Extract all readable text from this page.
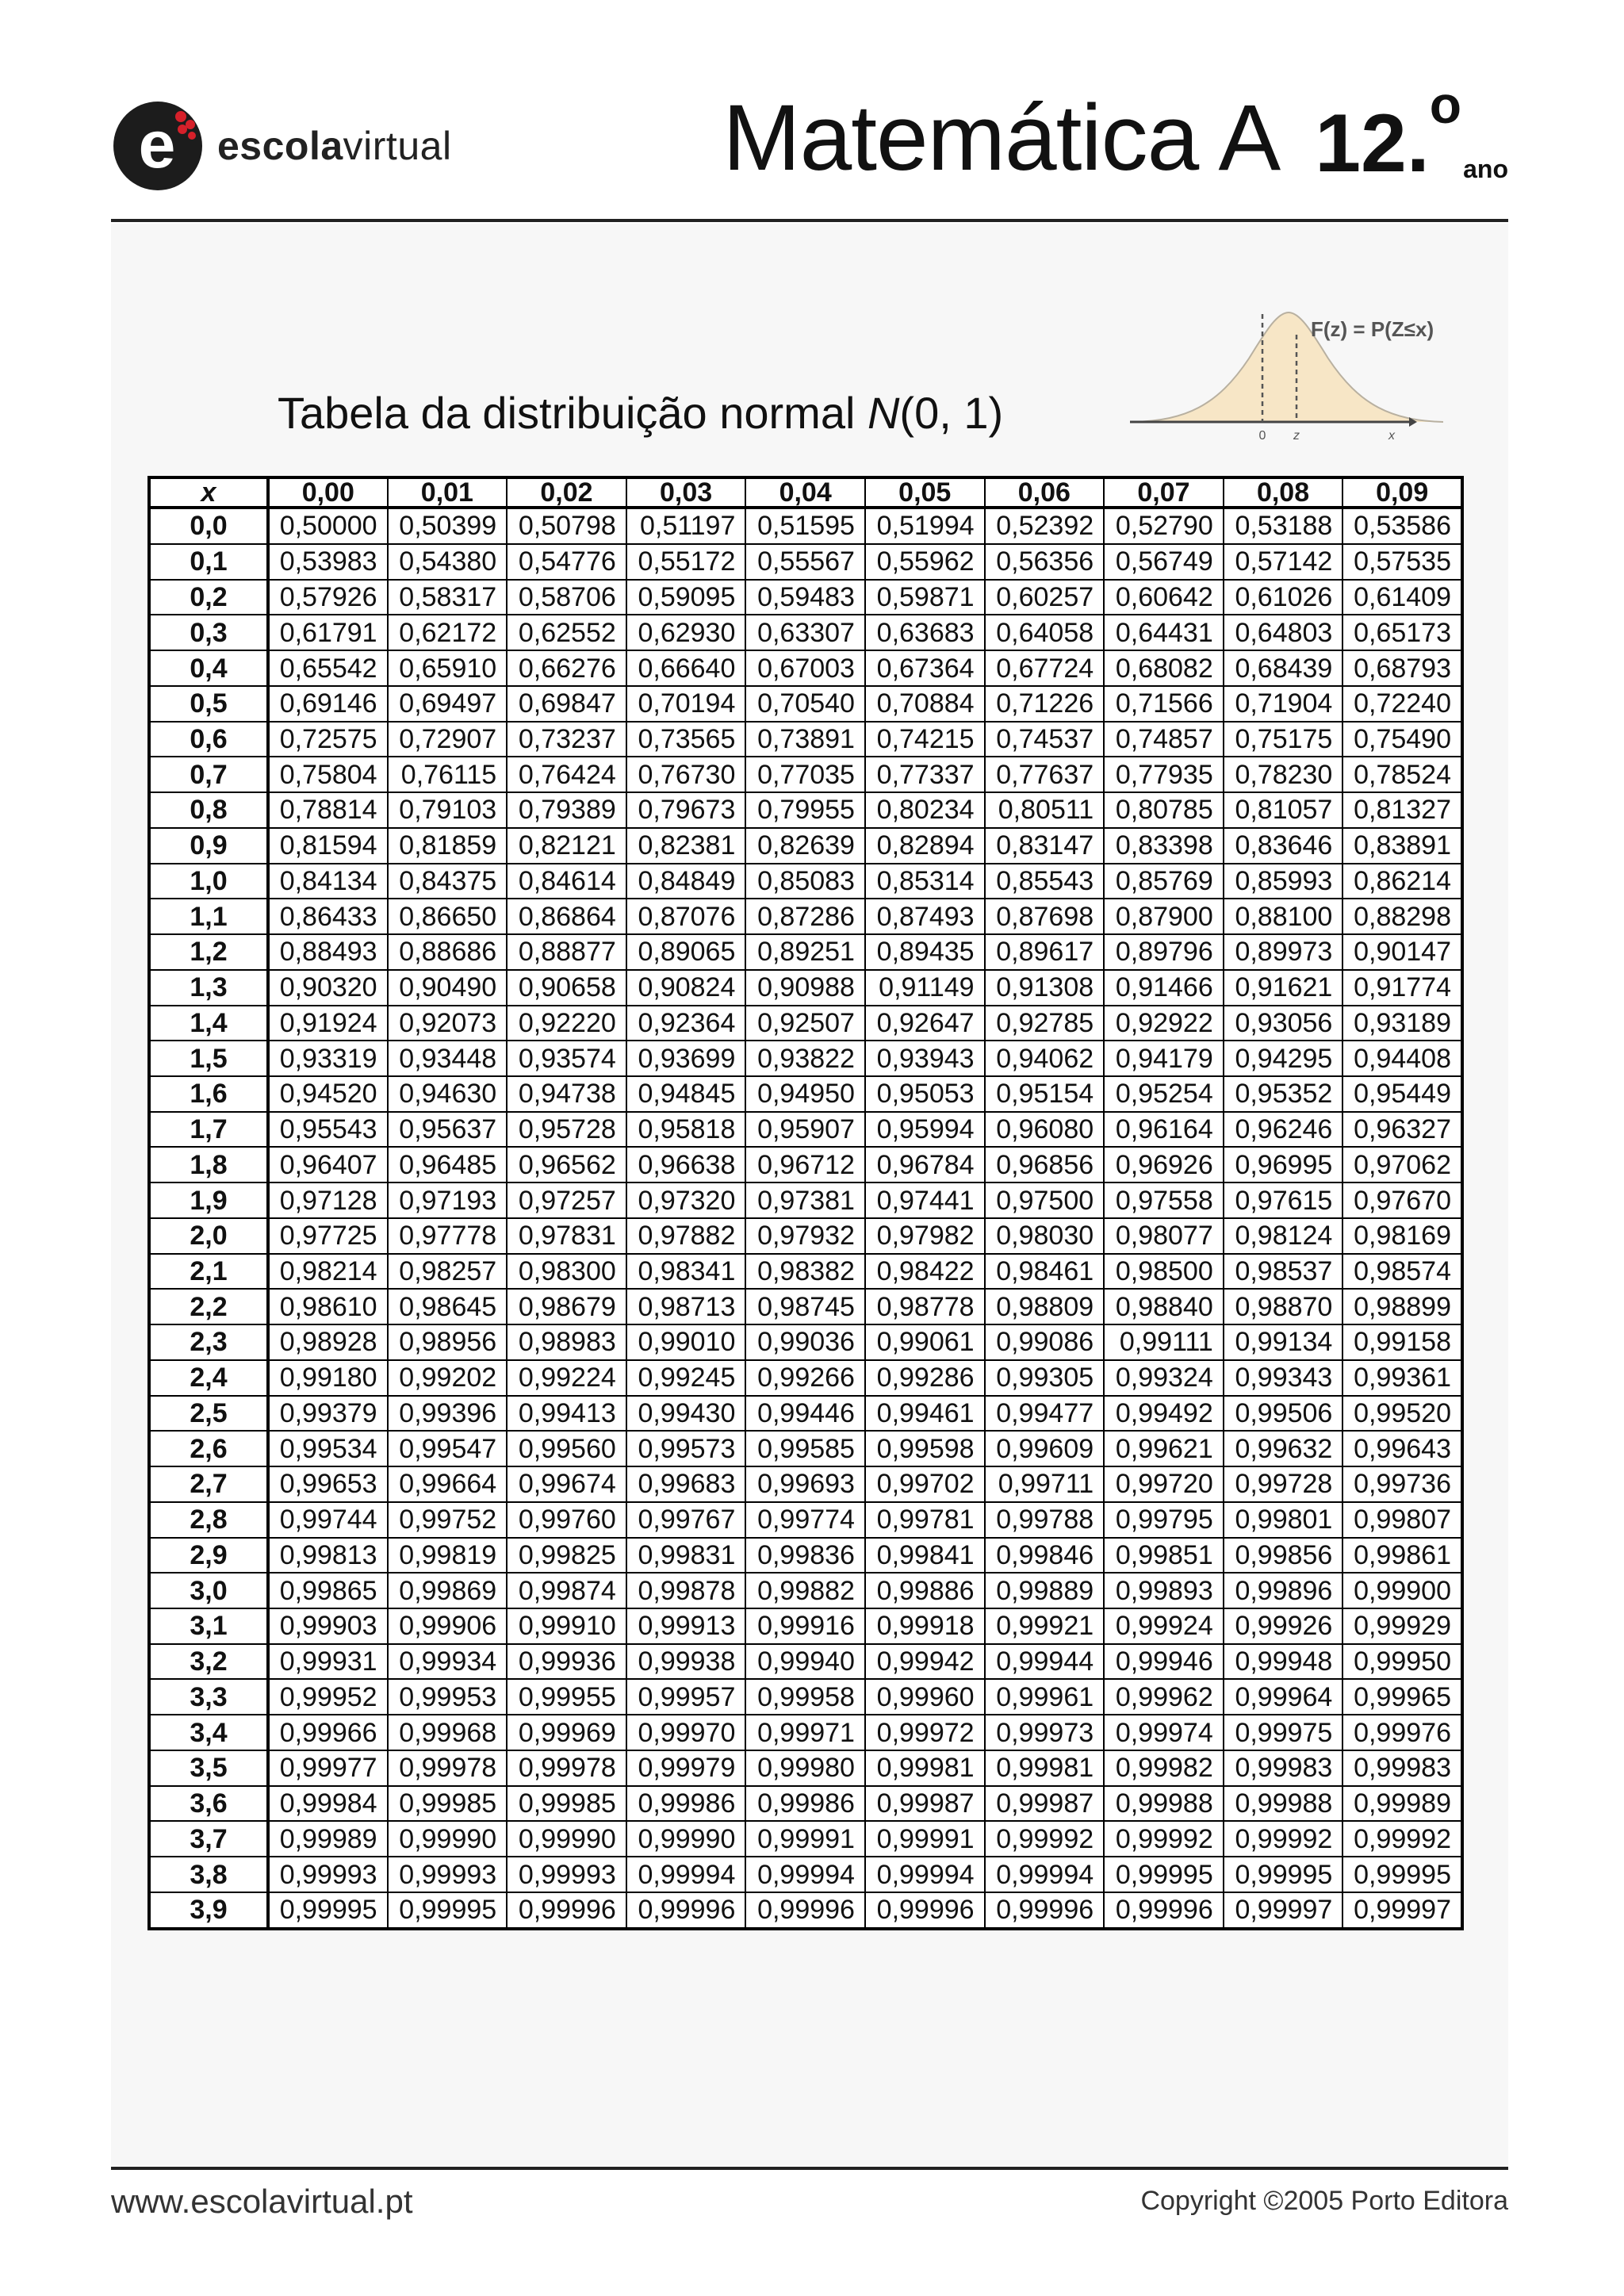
e escolavirtual	Matemática A 12.$^o$
ano
Tabela da distribuição normal N(0, 1)
F(z) = P(Z≤x)
0 z	x
x	0,00	0,01	0,02	0,03	0,04	0,05	0,06	0,07	0,08	0,09
0,0	0,50000	0,50399	0,50798	0,51197	0,51595	0,51994	0,52392	0,52790	0,53188	0,53586
0,1	0,53983	0,54380	0,54776	0,55172	0,55567	0,55962	0,56356	0,56749	0,57142	0,57535
0,2	0,57926	0,58317	0,58706	0,59095	0,59483	0,59871	0,60257	0,60642	0,61026	0,61409
0,3	0,61791	0,62172	0,62552	0,62930	0,63307	0,63683	0,64058	0,64431	0,64803	0,65173
0,4	0,65542	0,65910	0,66276	0,66640	0,67003	0,67364	0,67724	0,68082	0,68439	0,68793
0,5	0,69146	0,69497	0,69847	0,70194	0,70540	0,70884	0,71226	0,71566	0,71904	0,72240
0,6	0,72575	0,72907	0,73237	0,73565	0,73891	0,74215	0,74537	0,74857	0,75175	0,75490
0,7	0,75804	0,76115	0,76424	0,76730	0,77035	0,77337	0,77637	0,77935	0,78230	0,78524
0,8	0,78814	0,79103	0,79389	0,79673	0,79955	0,80234	0,80511	0,80785	0,81057	0,81327
0,9	0,81594	0,81859	0,82121	0,82381	0,82639	0,82894	0,83147	0,83398	0,83646	0,83891
1,0	0,84134	0,84375	0,84614	0,84849	0,85083	0,85314	0,85543	0,85769	0,85993	0,86214
1,1	0,86433	0,86650	0,86864	0,87076	0,87286	0,87493	0,87698	0,87900	0,88100	0,88298
1,2	0,88493	0,88686	0,88877	0,89065	0,89251	0,89435	0,89617	0,89796	0,89973	0,90147
1,3	0,90320	0,90490	0,90658	0,90824	0,90988	0,91149	0,91308	0,91466	0,91621	0,91774
1,4	0,91924	0,92073	0,92220	0,92364	0,92507	0,92647	0,92785	0,92922	0,93056	0,93189
1,5	0,93319	0,93448	0,93574	0,93699	0,93822	0,93943	0,94062	0,94179	0,94295	0,94408
1,6	0,94520	0,94630	0,94738	0,94845	0,94950	0,95053	0,95154	0,95254	0,95352	0,95449
1,7	0,95543	0,95637	0,95728	0,95818	0,95907	0,95994	0,96080	0,96164	0,96246	0,96327
1,8	0,96407	0,96485	0,96562	0,96638	0,96712	0,96784	0,96856	0,96926	0,96995	0,97062
1,9	0,97128	0,97193	0,97257	0,97320	0,97381	0,97441	0,97500	0,97558	0,97615	0,97670
2,0	0,97725	0,97778	0,97831	0,97882	0,97932	0,97982	0,98030	0,98077	0,98124	0,98169
2,1	0,98214	0,98257	0,98300	0,98341	0,98382	0,98422	0,98461	0,98500	0,98537	0,98574
2,2	0,98610	0,98645	0,98679	0,98713	0,98745	0,98778	0,98809	0,98840	0,98870	0,98899
2,3	0,98928	0,98956	0,98983	0,99010	0,99036	0,99061	0,99086	0,99111	0,99134	0,99158
2,4	0,99180	0,99202	0,99224	0,99245	0,99266	0,99286	0,99305	0,99324	0,99343	0,99361
2,5	0,99379	0,99396	0,99413	0,99430	0,99446	0,99461	0,99477	0,99492	0,99506	0,99520
2,6	0,99534	0,99547	0,99560	0,99573	0,99585	0,99598	0,99609	0,99621	0,99632	0,99643
2,7	0,99653	0,99664	0,99674	0,99683	0,99693	0,99702	0,99711	0,99720	0,99728	0,99736
2,8	0,99744	0,99752	0,99760	0,99767	0,99774	0,99781	0,99788	0,99795	0,99801	0,99807
2,9	0,99813	0,99819	0,99825	0,99831	0,99836	0,99841	0,99846	0,99851	0,99856	0,99861
3,0	0,99865	0,99869	0,99874	0,99878	0,99882	0,99886	0,99889	0,99893	0,99896	0,99900
3,1	0,99903	0,99906	0,99910	0,99913	0,99916	0,99918	0,99921	0,99924	0,99926	0,99929
3,2	0,99931	0,99934	0,99936	0,99938	0,99940	0,99942	0,99944	0,99946	0,99948	0,99950
3,3	0,99952	0,99953	0,99955	0,99957	0,99958	0,99960	0,99961	0,99962	0,99964	0,99965
3,4	0,99966	0,99968	0,99969	0,99970	0,99971	0,99972	0,99973	0,99974	0,99975	0,99976
3,5	0,99977	0,99978	0,99978	0,99979	0,99980	0,99981	0,99981	0,99982	0,99983	0,99983
3,6	0,99984	0,99985	0,99985	0,99986	0,99986	0,99987	0,99987	0,99988	0,99988	0,99989
3,7	0,99989	0,99990	0,99990	0,99990	0,99991	0,99991	0,99992	0,99992	0,99992	0,99992
3,8	0,99993	0,99993	0,99993	0,99994	0,99994	0,99994	0,99994	0,99995	0,99995	0,99995
3,9	0,99995	0,99995	0,99996	0,99996	0,99996	0,99996	0,99996	0,99996	0,99997	0,99997
www.escolavirtual.pt	Copyright ©2005 Porto Editora
